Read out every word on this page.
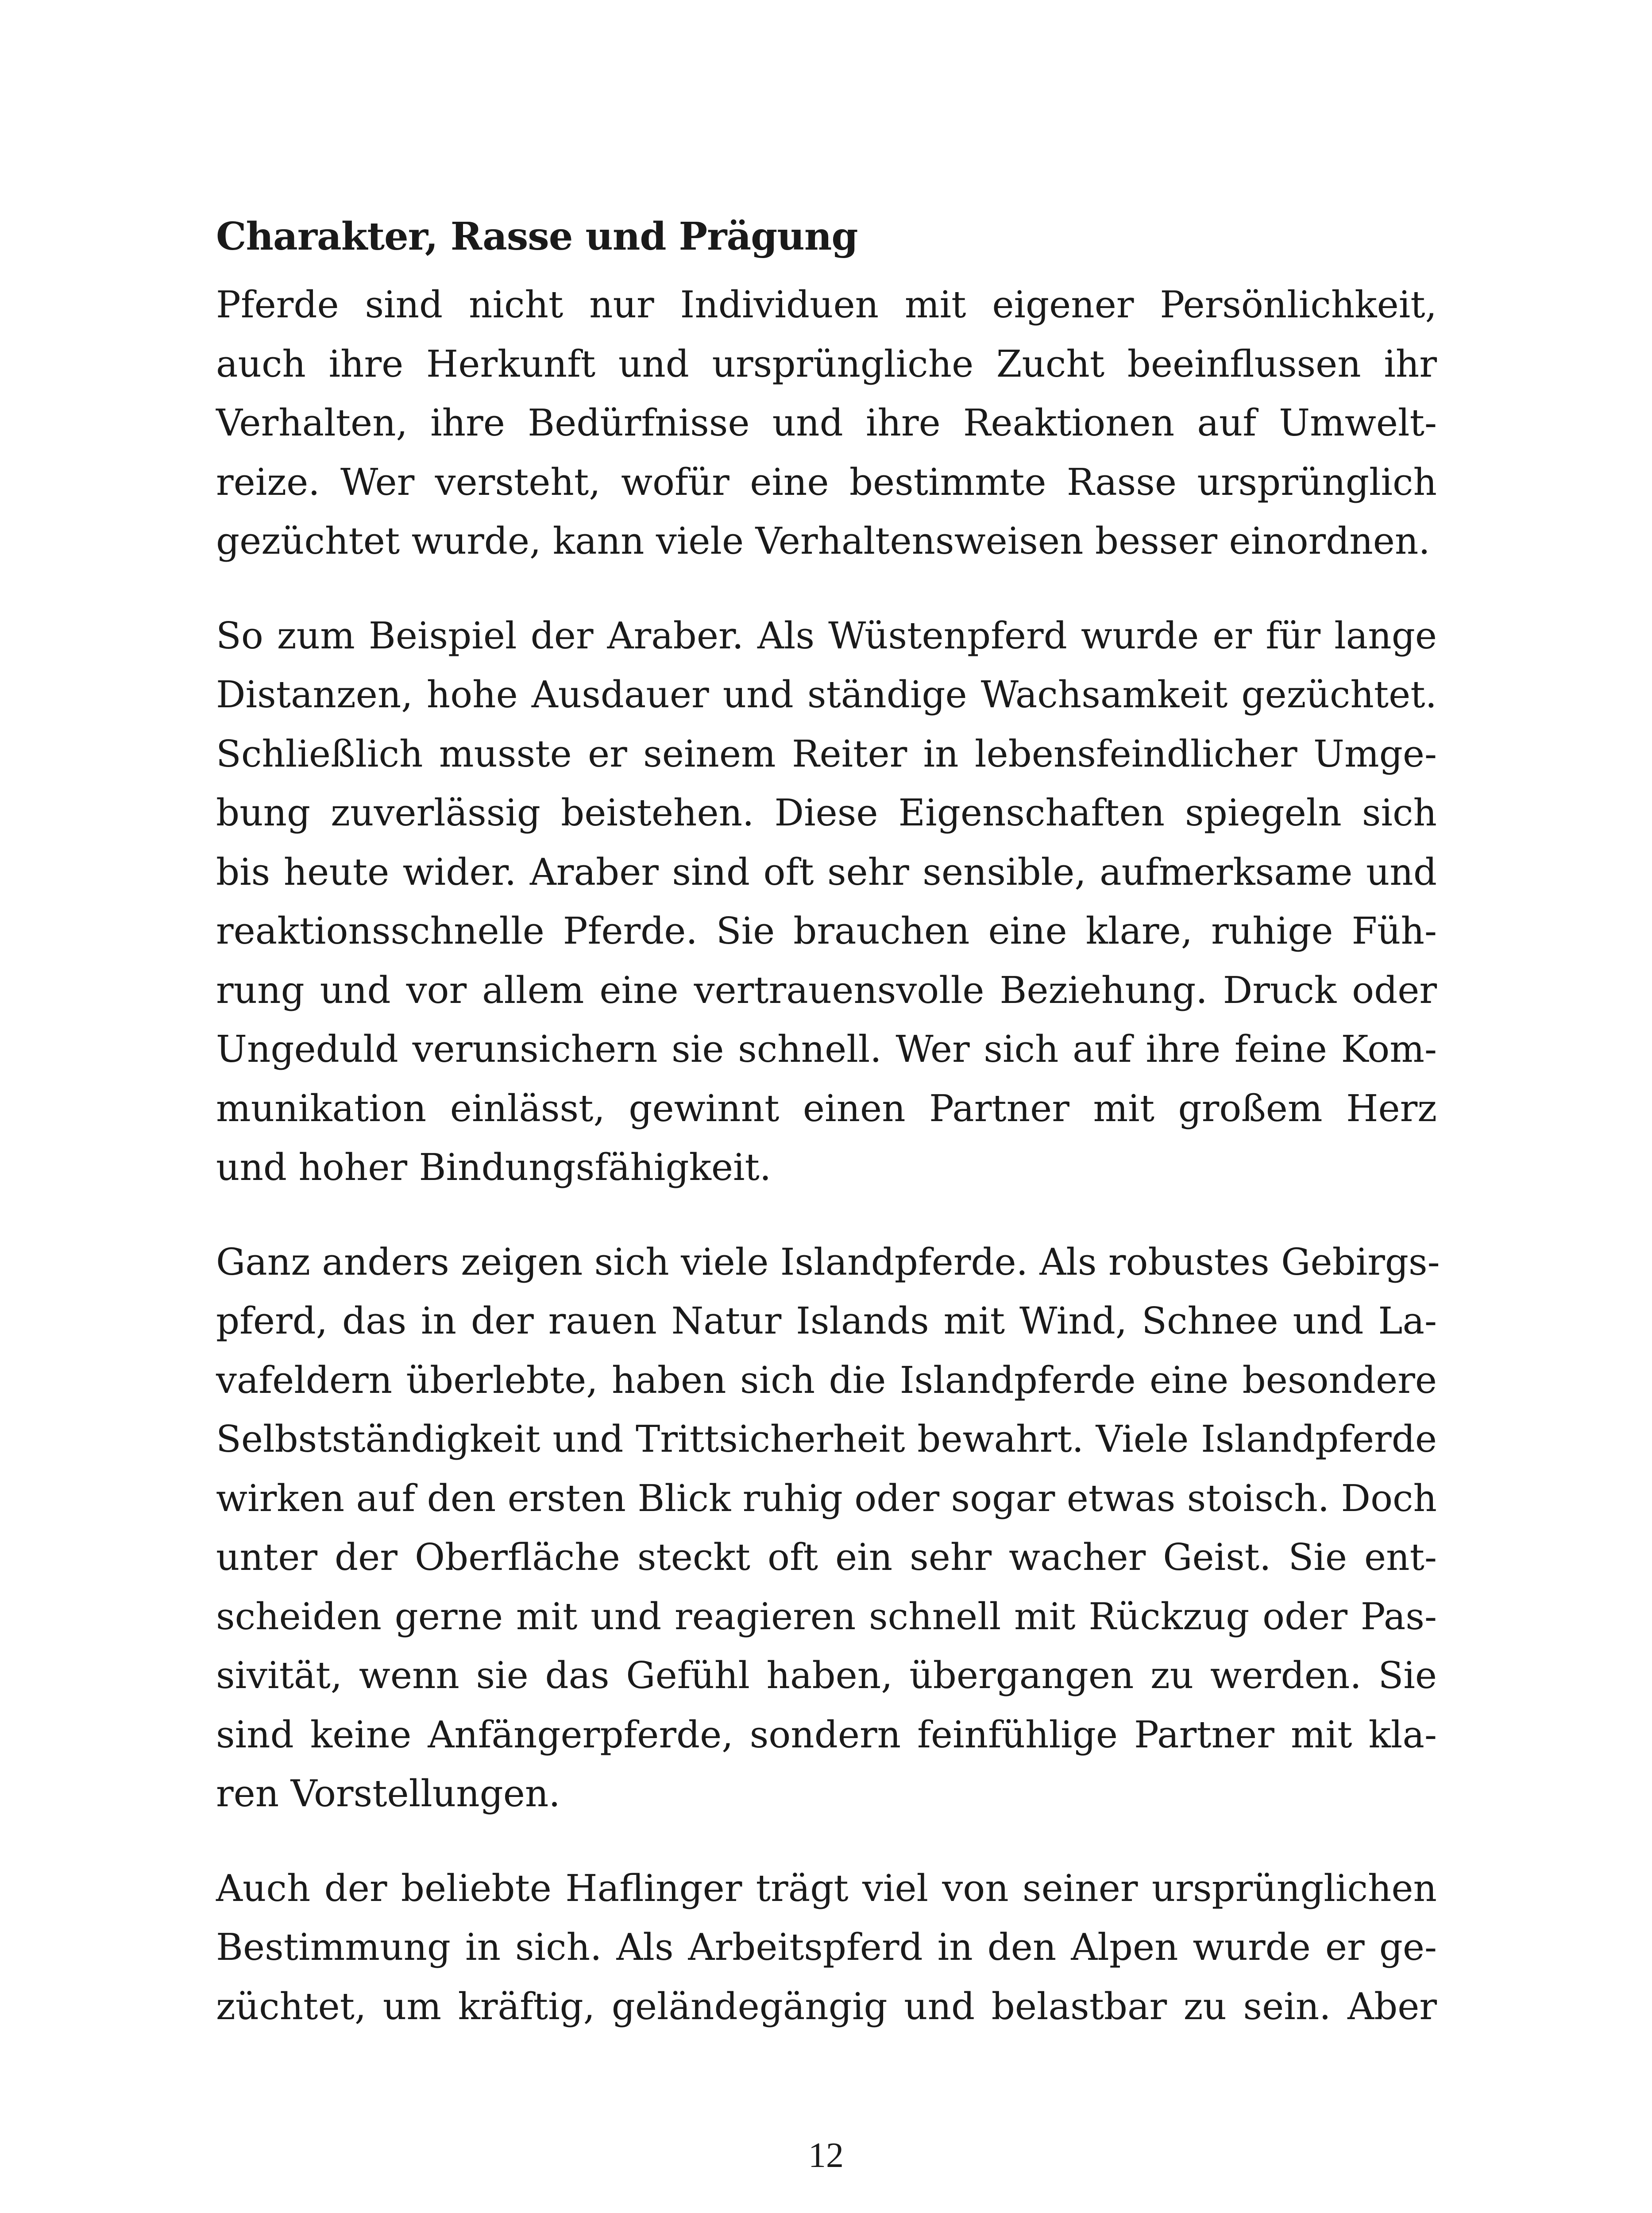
Charakter, Rasse und Prägung

Pferde sind nicht nur Individuen mit eigener Persönlichkeit,
auch ihre Herkunft und ursprüngliche Zucht beeinflussen ihr
Verhalten, ihre Bedürfnisse und ihre Reaktionen auf Umwelt-
reize. Wer versteht, wofür eine bestimmte Rasse ursprünglich
gezüchtet wurde, kann viele Verhaltensweisen besser einordnen.

So zum Beispiel der Araber. Als Wüstenpferd wurde er für lange
Distanzen, hohe Ausdauer und ständige Wachsamkeit gezüchtet.
Schließlich musste er seinem Reiter in lebensfeindlicher Umge-
bung zuverlässig beistehen. Diese Eigenschaften spiegeln sich
bis heute wider. Araber sind oft sehr sensible, aufmerksame und
reaktionsschnelle Pferde. Sie brauchen eine klare, ruhige Füh-
rung und vor allem eine vertrauensvolle Beziehung. Druck oder
Ungeduld verunsichern sie schnell. Wer sich auf ihre feine Kom-
munikation einlässt, gewinnt einen Partner mit großem Herz
und hoher Bindungsfähigkeit.

Ganz anders zeigen sich viele Islandpferde. Als robustes Gebirgs-
pferd, das in der rauen Natur Islands mit Wind, Schnee und La-
vafeldern überlebte, haben sich die Islandpferde eine besondere
Selbstständigkeit und Trittsicherheit bewahrt. Viele Islandpferde
wirken auf den ersten Blick ruhig oder sogar etwas stoisch. Doch
unter der Oberfläche steckt oft ein sehr wacher Geist. Sie ent-
scheiden gerne mit und reagieren schnell mit Rückzug oder Pas-
sivität, wenn sie das Gefühl haben, übergangen zu werden. Sie
sind keine Anfängerpferde, sondern feinfühlige Partner mit kla-
ren Vorstellungen.

Auch der beliebte Haflinger trägt viel von seiner ursprünglichen
Bestimmung in sich. Als Arbeitspferd in den Alpen wurde er ge-
züchtet, um kräftig, geländegängig und belastbar zu sein. Aber

12
